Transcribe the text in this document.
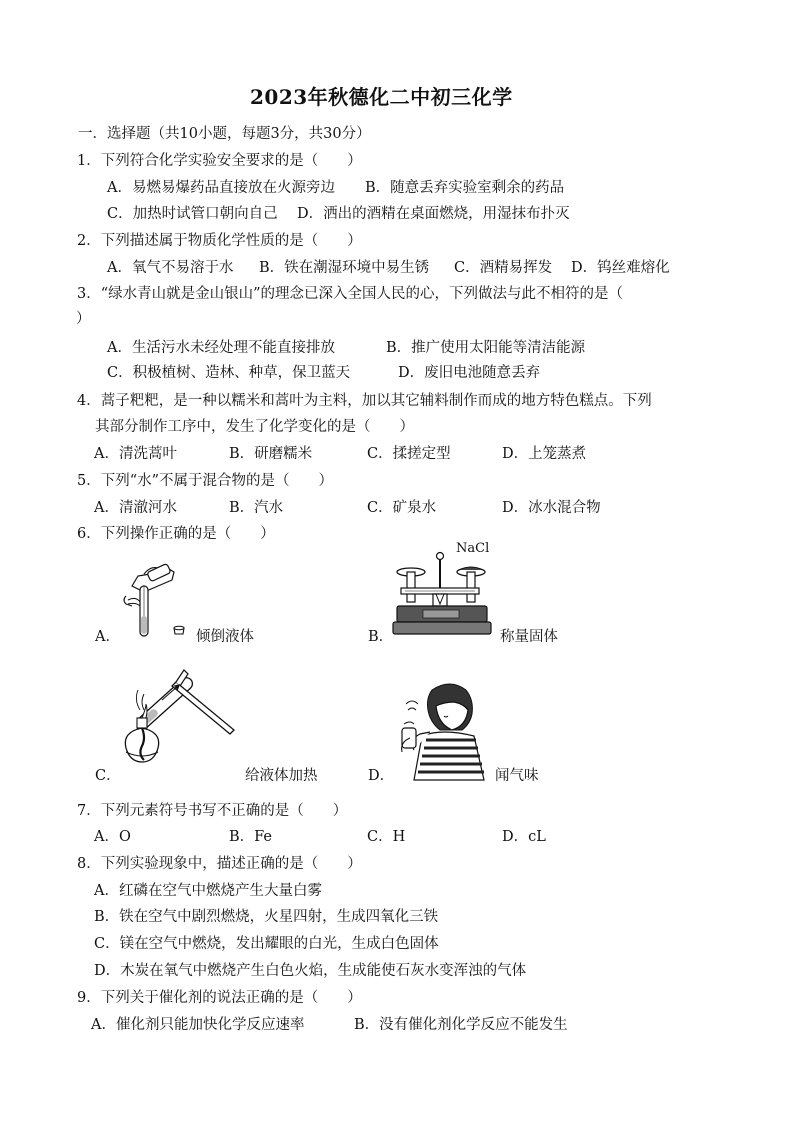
2023年秋德化二中初三化学
一．选择题（共10小题，每题3分，共30分）
1．下列符合化学实验安全要求的是（　　）
A．易燃易爆药品直接放在火源旁边 B．随意丢弃实验室剩余的药品
C．加热时试管口朝向自己 D．洒出的酒精在桌面燃烧，用湿抹布扑灭
2．下列描述属于物质化学性质的是（　　）
A．氧气不易溶于水 B．铁在潮湿环境中易生锈 C．酒精易挥发 D．钨丝难熔化
3．“绿水青山就是金山银山”的理念已深入全国人民的心，下列做法与此不相符的是（
）
A．生活污水未经处理不能直接排放	B．推广使用太阳能等清洁能源
C．积极植树、造林、种草，保卫蓝天	D．废旧电池随意丢弃
4．蒿子粑粑，是一种以糯米和蒿叶为主料，加以其它辅料制作而成的地方特色糕点。下列
其部分制作工序中，发生了化学变化的是（　　）
A．清洗蒿叶	B．研磨糯米	C．揉搓定型	D．上笼蒸煮
5．下列“水”不属于混合物的是（　　）
A．清澈河水	B．汽水	C．矿泉水	D．冰水混合物
6．下列操作正确的是（　　）
A．	倾倒液体	B．	称量固体
C．	给液体加热	D．	闻气味
NaCl
7．下列元素符号书写不正确的是（　　）
A．O	B．Fe	C．H	D．cL
8．下列实验现象中，描述正确的是（　　）
A．红磷在空气中燃烧产生大量白雾
B．铁在空气中剧烈燃烧，火星四射，生成四氧化三铁
C．镁在空气中燃烧，发出耀眼的白光，生成白色固体
D．木炭在氧气中燃烧产生白色火焰，生成能使石灰水变浑浊的气体
9．下列关于催化剂的说法正确的是（　　）
A．催化剂只能加快化学反应速率	B．没有催化剂化学反应不能发生
